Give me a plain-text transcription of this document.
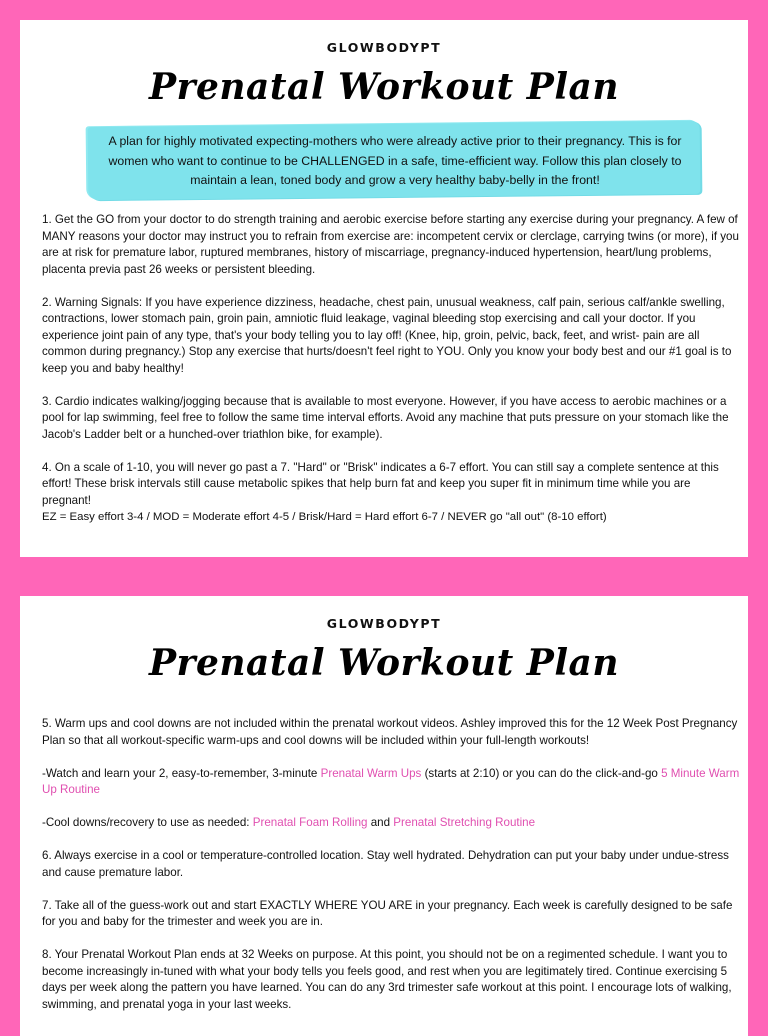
GLOWBODYPT
Prenatal Workout Plan
A plan for highly motivated expecting-mothers who were already active prior to their pregnancy. This is for women who want to continue to be CHALLENGED in a safe, time-efficient way. Follow this plan closely to maintain a lean, toned body and grow a very healthy baby-belly in the front!

1. Get the GO from your doctor to do strength training and aerobic exercise before starting any exercise during your pregnancy. A few of MANY reasons your doctor may instruct you to refrain from exercise are: incompetent cervix or clerclage, carrying twins (or more), if you are at risk for premature labor, ruptured membranes, history of miscarriage, pregnancy-induced hypertension, heart/lung problems, placenta previa past 26 weeks or persistent bleeding.

2. Warning Signals: If you have experience dizziness, headache, chest pain, unusual weakness, calf pain, serious calf/ankle swelling, contractions, lower stomach pain, groin pain, amniotic fluid leakage, vaginal bleeding stop exercising and call your doctor. If you experience joint pain of any type, that's your body telling you to lay off! (Knee, hip, groin, pelvic, back, feet, and wrist- pain are all common during pregnancy.) Stop any exercise that hurts/doesn't feel right to YOU. Only you know your body best and our #1 goal is to keep you and baby healthy!

3. Cardio indicates walking/jogging because that is available to most everyone. However, if you have access to aerobic machines or a pool for lap swimming, feel free to follow the same time interval efforts. Avoid any machine that puts pressure on your stomach like the Jacob's Ladder belt or a hunched-over triathlon bike, for example).

4. On a scale of 1-10, you will never go past a 7. "Hard" or "Brisk" indicates a 6-7 effort. You can still say a complete sentence at this effort! These brisk intervals still cause metabolic spikes that help burn fat and keep you super fit in minimum time while you are pregnant!

EZ = Easy effort 3-4 / MOD = Moderate effort 4-5 / Brisk/Hard = Hard effort 6-7 / NEVER go "all out" (8-10 effort)

GLOWBODYPT
Prenatal Workout Plan

5. Warm ups and cool downs are not included within the prenatal workout videos. Ashley improved this for the 12 Week Post Pregnancy Plan so that all workout-specific warm-ups and cool downs will be included within your full-length workouts!

-Watch and learn your 2, easy-to-remember, 3-minute Prenatal Warm Ups (starts at 2:10) or you can do the click-and-go 5 Minute Warm Up Routine

-Cool downs/recovery to use as needed: Prenatal Foam Rolling and Prenatal Stretching Routine

6. Always exercise in a cool or temperature-controlled location. Stay well hydrated. Dehydration can put your baby under undue-stress and cause premature labor.

7. Take all of the guess-work out and start EXACTLY WHERE YOU ARE in your pregnancy. Each week is carefully designed to be safe for you and baby for the trimester and week you are in.

8. Your Prenatal Workout Plan ends at 32 Weeks on purpose. At this point, you should not be on a regimented schedule. I want you to become increasingly in-tuned with what your body tells you feels good, and rest when you are legitimately tired. Continue exercising 5 days per week along the pattern you have learned. You can do any 3rd trimester safe workout at this point. I encourage lots of walking, swimming, and prenatal yoga in your last weeks.
